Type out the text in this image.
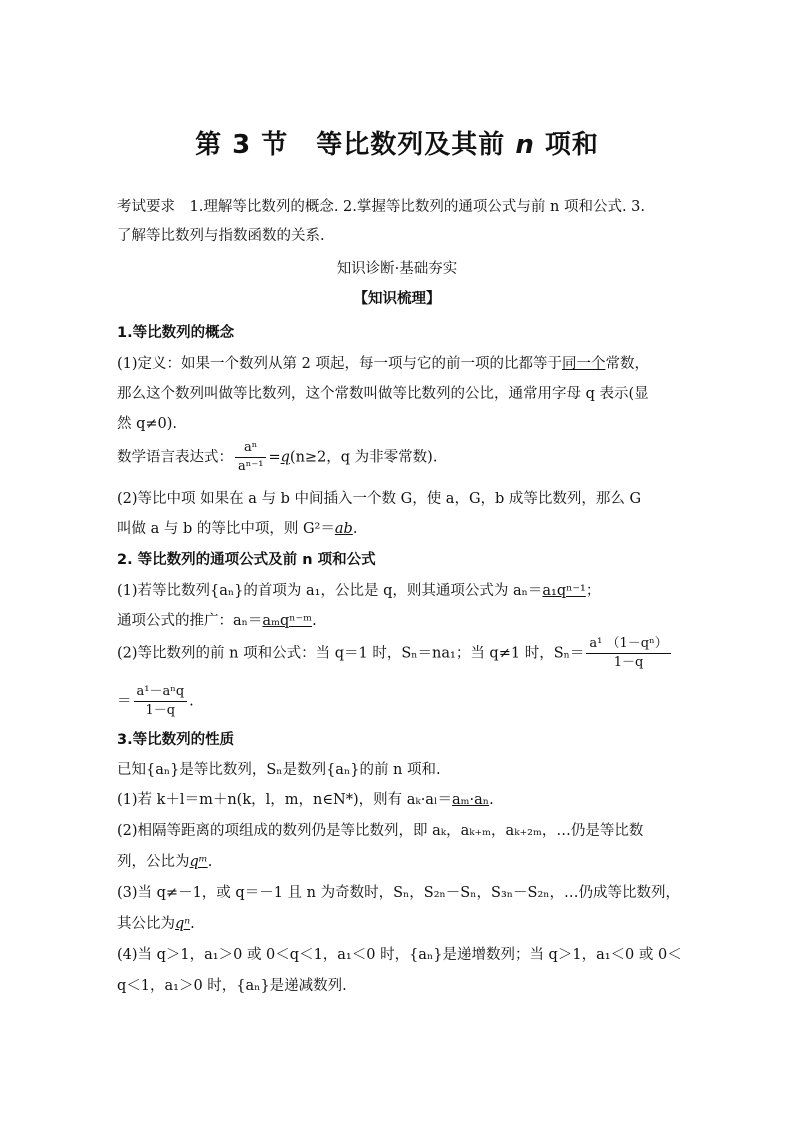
第 3 节 等比数列及其前 n 项和
考试要求　1.理解等比数列的概念. 2.掌握等比数列的通项公式与前 n 项和公式. 3.
了解等比数列与指数函数的关系.
知识诊断·基础夯实
【知识梳理】
1.等比数列的概念
(1)定义：如果一个数列从第 2 项起，每一项与它的前一项的比都等于同一个常数，
那么这个数列叫做等比数列，这个常数叫做等比数列的公比，通常用字母 q 表示(显
然 q≠0).
数学语言表达式： $\frac{\text{aⁿ}}{\text{aⁿ⁻¹}} =q(n\ge 2$，q 为非零常数).
(2)等比中项 如果在 a 与 b 中间插入一个数 G，使 a，G，b 成等比数列，那么 G
叫做 a 与 b 的等比中项，则 G²＝ab.
2. 等比数列的通项公式及前 n 项和公式
(1)若等比数列{aₙ}的首项为 a₁，公比是 q，则其通项公式为 aₙ＝a₁qⁿ⁻¹；
通项公式的推广：aₙ＝aₘqⁿ⁻ᵐ.
(2)等比数列的前 n 项和公式：当 q＝1 时，Sₙ＝na₁；当 q≠1 时，$S_n= \frac{\text{a¹ （1－qⁿ）}}{1-q}$
＝ $\frac{\text{a¹－aⁿq}}{1-q}$ .
3.等比数列的性质
已知{aₙ}是等比数列，Sₙ是数列{aₙ}的前 n 项和.
(1)若 k＋l＝m＋n(k，l，m，n∈N*)，则有 aₖ·aₗ＝aₘ·aₙ.
(2)相隔等距离的项组成的数列仍是等比数列，即 aₖ，aₖ₊ₘ，aₖ₊₂ₘ，…仍是等比数
列，公比为qᵐ.
(3)当 q≠－1，或 q＝－1 且 n 为奇数时，Sₙ，S₂ₙ－Sₙ，S₃ₙ－S₂ₙ，…仍成等比数列，
其公比为qⁿ.
(4)当 q＞1，a₁＞0 或 0＜q＜1，a₁＜0 时，{aₙ}是递增数列；当 q＞1，a₁＜0 或 0＜
q＜1，a₁＞0 时，{aₙ}是递减数列.
